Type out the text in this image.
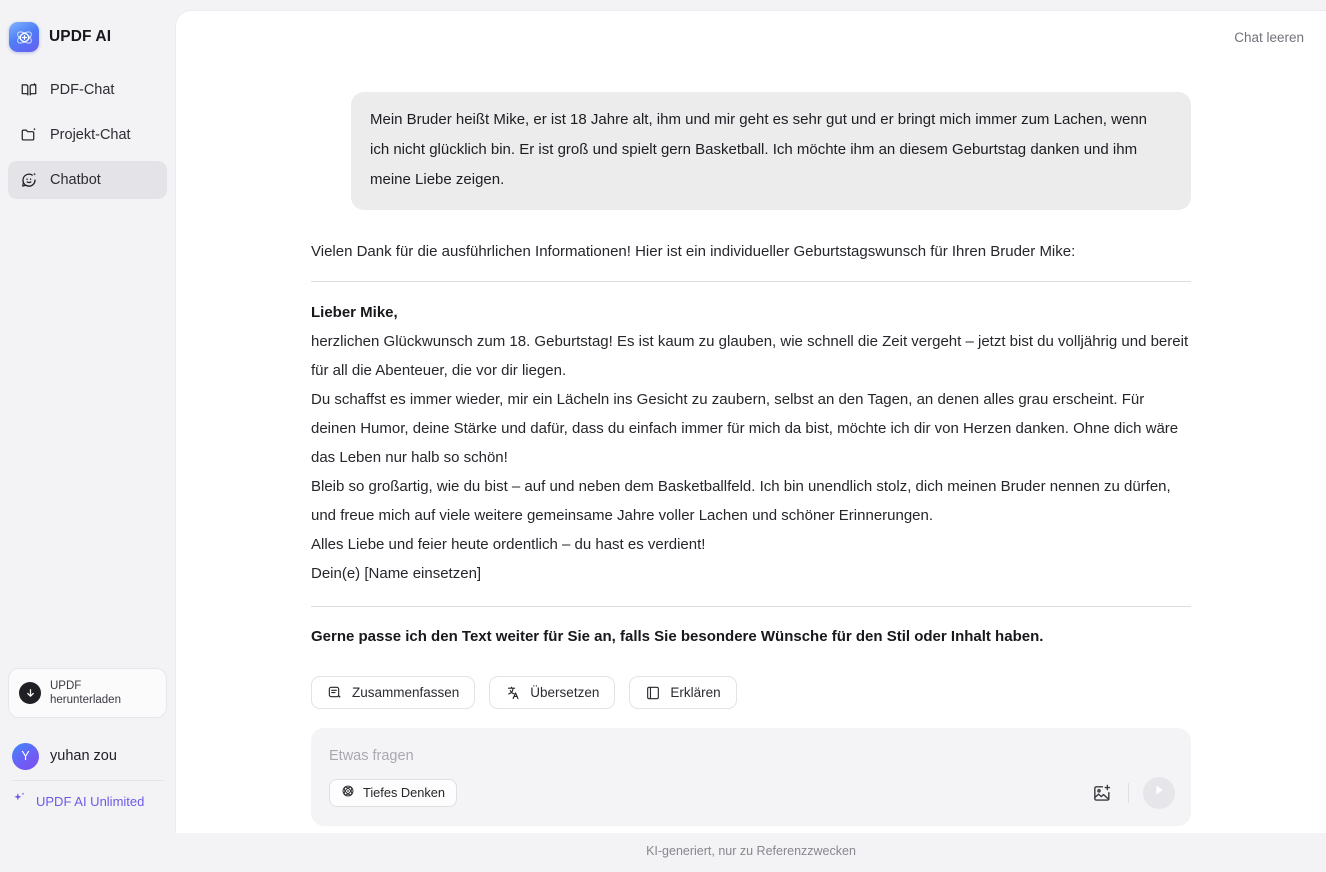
UPDF AI
PDF-Chat
Projekt-Chat
Chatbot
UPDF
herunterladen
Y	yuhan zou
UPDF AI Unlimited
Chat leeren
Mein Bruder heißt Mike, er ist 18 Jahre alt, ihm und mir geht es sehr gut und er bringt mich immer zum Lachen, wenn ich nicht glücklich bin. Er ist groß und spielt gern Basketball. Ich möchte ihm an diesem Geburtstag danken und ihm meine Liebe zeigen.

Vielen Dank für die ausführlichen Informationen! Hier ist ein individueller Geburtstagswunsch für Ihren Bruder Mike:

Lieber Mike,

herzlichen Glückwunsch zum 18. Geburtstag! Es ist kaum zu glauben, wie schnell die Zeit vergeht – jetzt bist du volljährig und bereit für all die Abenteuer, die vor dir liegen.

Du schaffst es immer wieder, mir ein Lächeln ins Gesicht zu zaubern, selbst an den Tagen, an denen alles grau erscheint. Für deinen Humor, deine Stärke und dafür, dass du einfach immer für mich da bist, möchte ich dir von Herzen danken. Ohne dich wäre das Leben nur halb so schön!

Bleib so großartig, wie du bist – auf und neben dem Basketballfeld. Ich bin unendlich stolz, dich meinen Bruder nennen zu dürfen, und freue mich auf viele weitere gemeinsame Jahre voller Lachen und schöner Erinnerungen.

Alles Liebe und feier heute ordentlich – du hast es verdient!

Dein(e) [Name einsetzen]

Gerne passe ich den Text weiter für Sie an, falls Sie besondere Wünsche für den Stil oder Inhalt haben.

Zusammenfassen	Übersetzen	Erklären
Etwas fragen
Tiefes Denken
KI-generiert, nur zu Referenzzwecken
